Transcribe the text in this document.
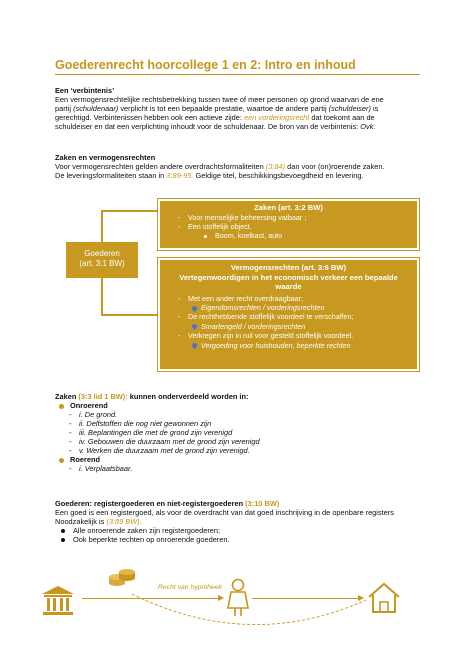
Goederenrecht hoorcollege 1 en 2: Intro en inhoud

Een ‘verbintenis’

Een vermogensrechtelijke rechtsbetrekking tussen twee of meer personen op grond waarvan de ene

partij (schuldenaar) verplicht is tot een bepaalde prestatie, waartoe de andere partij (schuldeiser) is

gerechtigd. Verbintenissen hebben ook een actieve zijde: een vorderingsrecht dat toekomt aan de

schuldeiser en dat een verplichting inhoudt voor de schuldenaar. De bron van de verbintenis: Ovk.

Zaken en vermogensrechten

Voor vermogensrechten gelden andere overdrachtsformaliteiten (3:84) dan voor (on)roerende zaken.

De leveringsformaliteiten staan in 3:89-95. Geldige titel, beschikkingsbevoegdheid en levering.

Goederen
(art. 3:1 BW)
Zaken (art. 3:2 BW)
- Voor menselijke beheersing vatbaar ;
- Een stoffelijk object.
Boom, koelkast, auto
Vermogensrechten (art. 3:6 BW)
Vertegenwoordigen in het economisch verkeer een bepaalde
waarde
- Met een ander recht overdraagbaar;
Eigendomsrechten / vorderingsrechten
- De rechthebbende stoffelijk voordeel te verschaffen;
Smartengeld / vorderingsrechten
- Verkregen zijn in ruil voor gesteld stoffelijk voordeel.
Vergoeding voor huishouden, beperkte rechten

Zaken (3:3 lid 1 BW): kunnen onderverdeeld worden in:

Onroerend

- i. De grond.

- ii. Delfstoffen die nog niet gewonnen zijn

- iii. Beplantingen die met de grond zijn verenigd

- iv. Gebouwen die duurzaam met de grond zijn verenigd

- v. Werken die duurzaam met de grond zijn verenigd.

Roerend

- i. Verplaatsbaar.

Goederen: registergoederen en niet-registergoederen (3:10 BW)

Een goed is een registergoed, als voor de overdracht van dat goed inschrijving in de openbare registers

Noodzakelijk is (3:89 BW).

Alle onroerende zaken zijn registergoederen;

Ook beperkte rechten op onroerende goederen.

Recht van hypotheek
